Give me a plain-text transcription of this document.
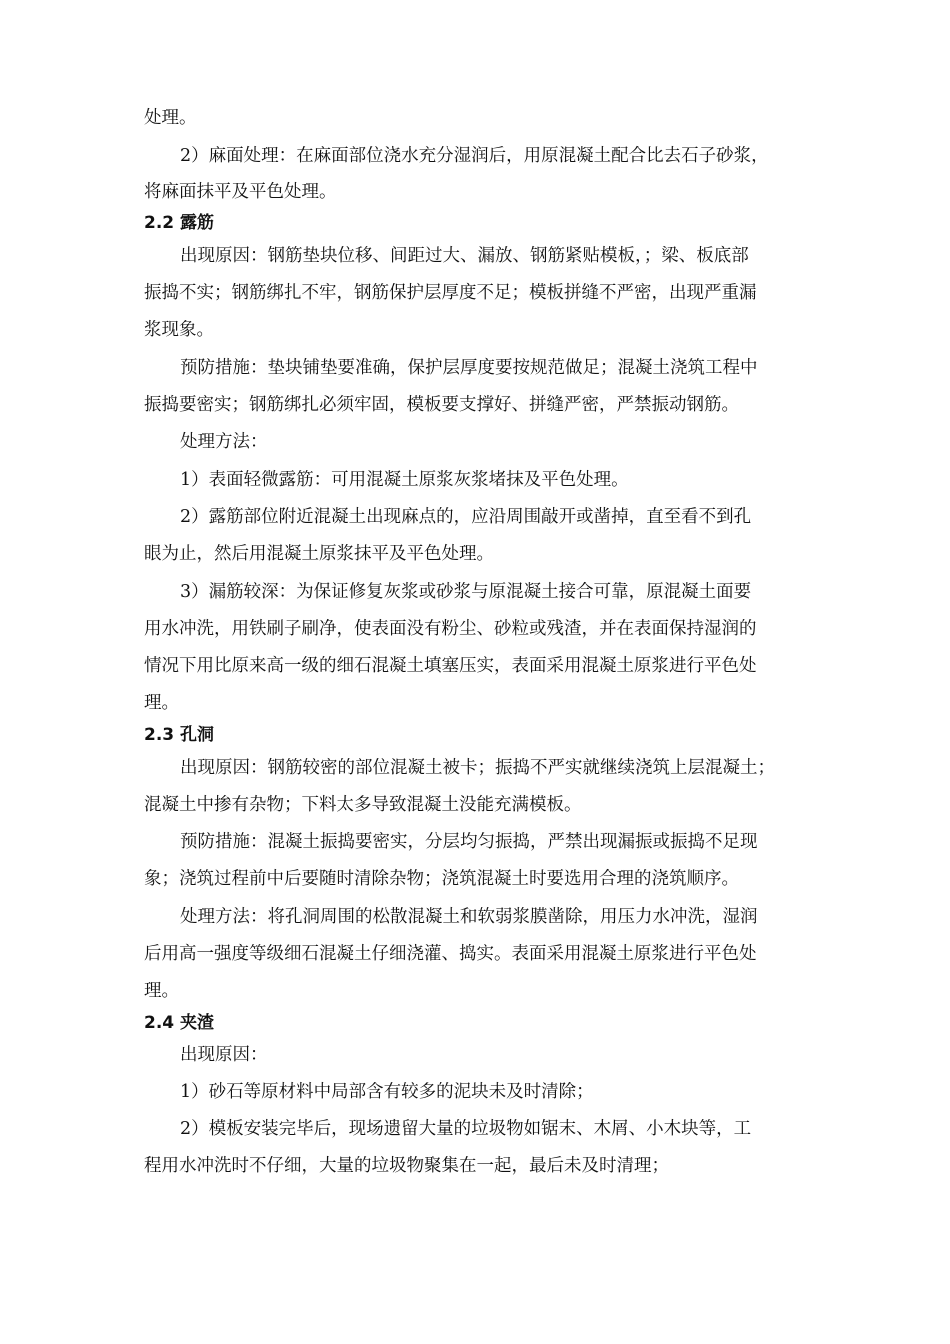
处理。
2）麻面处理：在麻面部位浇水充分湿润后，用原混凝土配合比去石子砂浆，
将麻面抹平及平色处理。
2.2 露筋
出现原因：钢筋垫块位移、间距过大、漏放、钢筋紧贴模板，；梁、板底部
振捣不实；钢筋绑扎不牢，钢筋保护层厚度不足；模板拼缝不严密，出现严重漏
浆现象。
预防措施：垫块铺垫要准确，保护层厚度要按规范做足；混凝土浇筑工程中
振捣要密实；钢筋绑扎必须牢固，模板要支撑好、拼缝严密，严禁振动钢筋。
处理方法：
1）表面轻微露筋：可用混凝土原浆灰浆堵抹及平色处理。
2）露筋部位附近混凝土出现麻点的，应沿周围敲开或凿掉，直至看不到孔
眼为止，然后用混凝土原浆抹平及平色处理。
3）漏筋较深：为保证修复灰浆或砂浆与原混凝土接合可靠，原混凝土面要
用水冲洗，用铁刷子刷净，使表面没有粉尘、砂粒或残渣，并在表面保持湿润的
情况下用比原来高一级的细石混凝土填塞压实，表面采用混凝土原浆进行平色处
理。
2.3 孔洞
出现原因：钢筋较密的部位混凝土被卡；振捣不严实就继续浇筑上层混凝土；
混凝土中掺有杂物；下料太多导致混凝土没能充满模板。
预防措施：混凝土振捣要密实，分层均匀振捣，严禁出现漏振或振捣不足现
象；浇筑过程前中后要随时清除杂物；浇筑混凝土时要选用合理的浇筑顺序。
处理方法：将孔洞周围的松散混凝土和软弱浆膜凿除，用压力水冲洗，湿润
后用高一强度等级细石混凝土仔细浇灌、捣实。表面采用混凝土原浆进行平色处
理。
2.4 夹渣
出现原因：
1）砂石等原材料中局部含有较多的泥块未及时清除；
2）模板安装完毕后，现场遗留大量的垃圾物如锯末、木屑、小木块等，工
程用水冲洗时不仔细，大量的垃圾物聚集在一起，最后未及时清理；
